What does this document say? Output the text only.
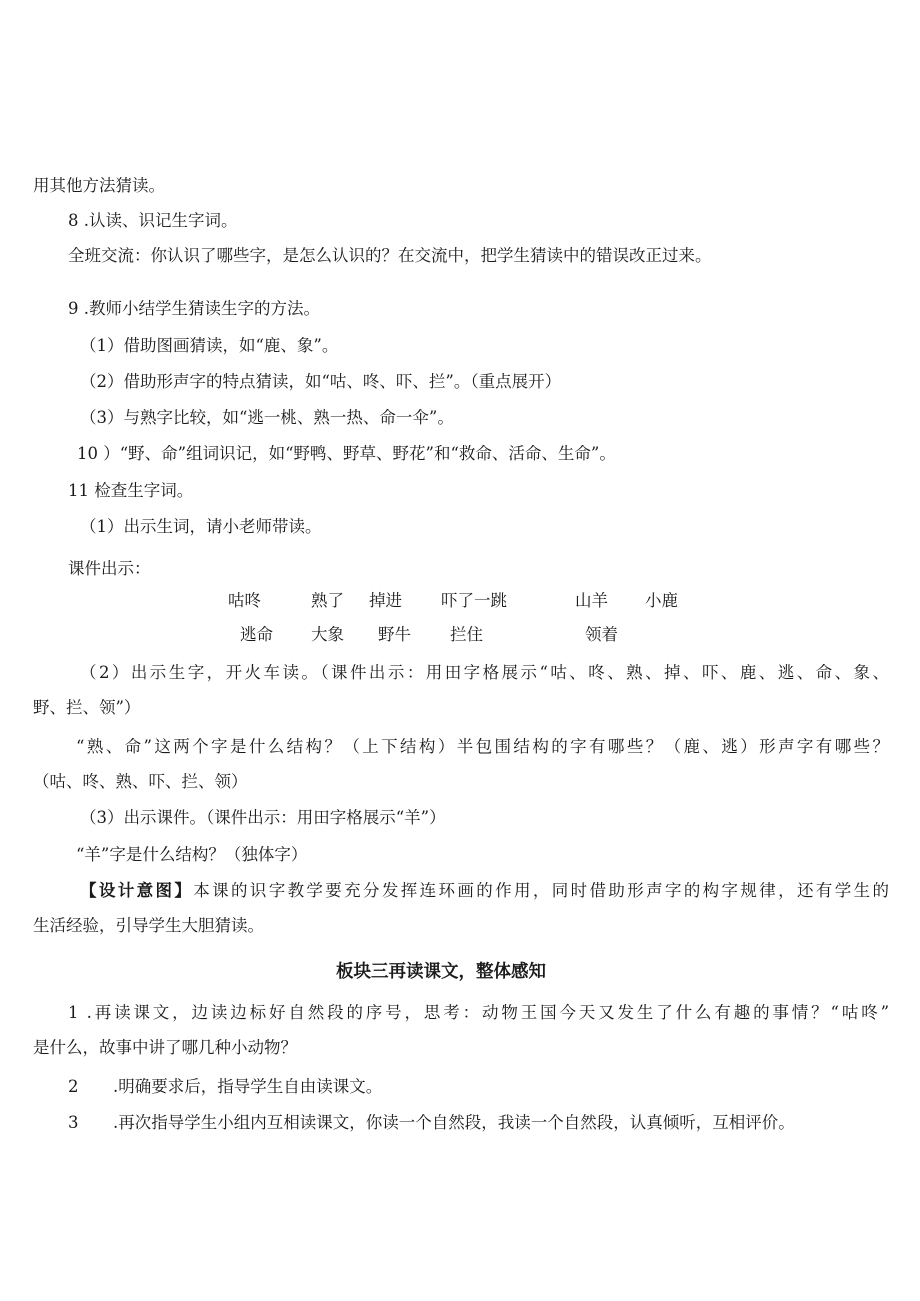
用其他方法猜读。
8 .认读、识记生字词。
全班交流：你认识了哪些字，是怎么认识的？在交流中，把学生猜读中的错误改正过来。
9 .教师小结学生猜读生字的方法。
（1）借助图画猜读，如“鹿、象”。
（2）借助形声字的特点猜读，如“咕、咚、吓、拦”。（重点展开）
（3）与熟字比较，如“逃一桃、熟一热、命一伞”。
10 ）“野、命”组词识记，如“野鸭、野草、野花”和“救命、活命、生命”。
11 检查生字词。
（1）出示生词，请小老师带读。
课件出示：
咕咚	熟了 掉进 吓了一跳	山羊 小鹿
逃命 大象 野牛 拦住	领着
（2）出示生字，开火车读。（课件出示：用田字格展示“咕、咚、熟、掉、吓、鹿、逃、命、象、
野、拦、领”）
“熟、命”这两个字是什么结构？（上下结构）半包围结构的字有哪些？（鹿、逃）形声字有哪些？
（咕、咚、熟、吓、拦、领）
（3）出示课件。（课件出示：用田字格展示“羊”）
“羊”字是什么结构？（独体字）
【设计意图】本课的识字教学要充分发挥连环画的作用，同时借助形声字的构字规律，还有学生的
生活经验，引导学生大胆猜读。
板块三再读课文，整体感知
1 .再读课文，边读边标好自然段的序号，思考：动物王国今天又发生了什么有趣的事情？“咕咚”
是什么，故事中讲了哪几种小动物？
2 .明确要求后，指导学生自由读课文。
3 .再次指导学生小组内互相读课文，你读一个自然段，我读一个自然段，认真倾听，互相评价。
